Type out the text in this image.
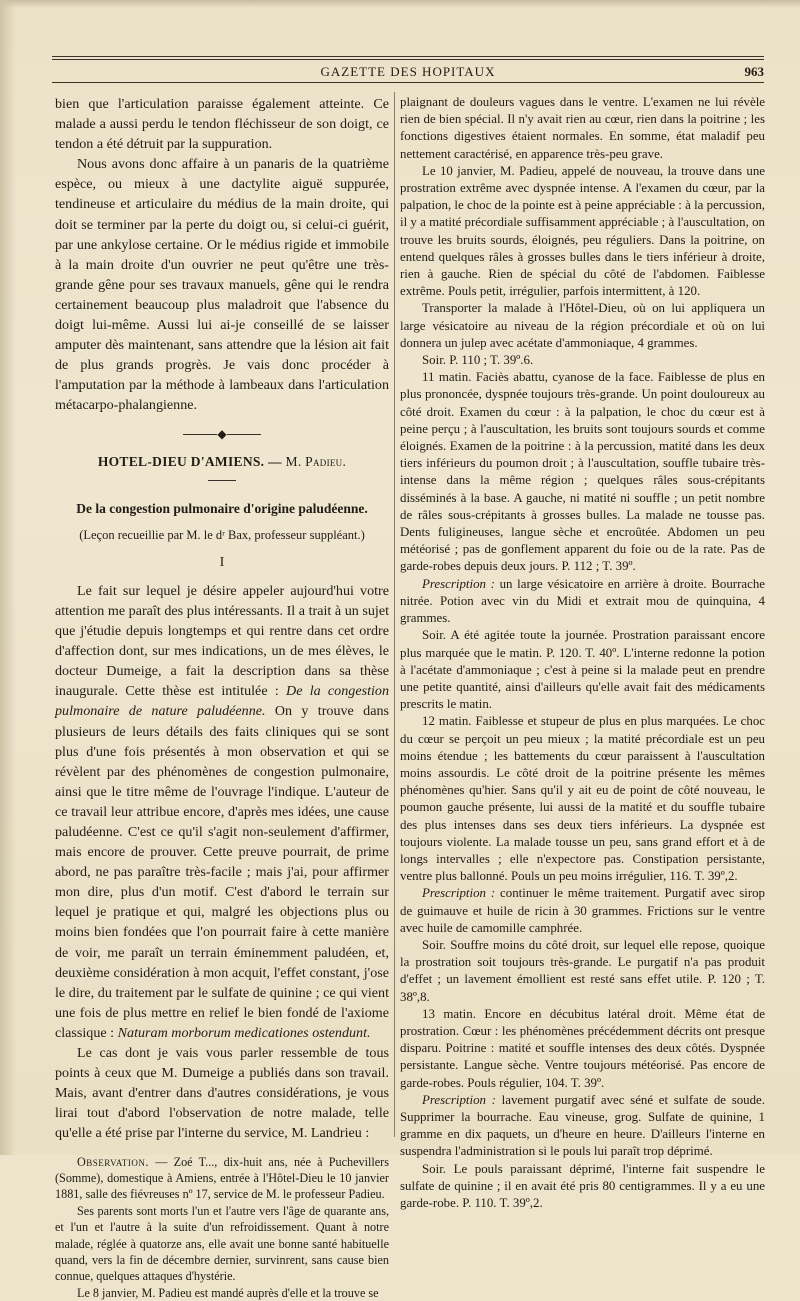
GAZETTE DES HOPITAUX	963

bien que l'articulation paraisse également atteinte. Ce malade a aussi perdu le tendon fléchisseur de son doigt, ce tendon a été détruit par la suppuration.

Nous avons donc affaire à un panaris de la quatrième espèce, ou mieux à une dactylite aiguë suppurée, tendineuse et articulaire du médius de la main droite, qui doit se terminer par la perte du doigt ou, si celui-ci guérit, par une ankylose certaine. Or le médius rigide et immobile à la main droite d'un ouvrier ne peut qu'être une très-grande gêne pour ses travaux manuels, gêne qui le rendra certainement beaucoup plus maladroit que l'absence du doigt lui-même. Aussi lui ai-je conseillé de se laisser amputer dès maintenant, sans attendre que la lésion ait fait de plus grands progrès. Je vais donc procéder à l'amputation par la méthode à lambeaux dans l'articulation métacarpo-phalangienne.

◆
HOTEL-DIEU D'AMIENS. — M. Padieu.
De la congestion pulmonaire d'origine paludéenne.
(Leçon recueillie par M. le dʳ Bax, professeur suppléant.)
I

Le fait sur lequel je désire appeler aujourd'hui votre attention me paraît des plus intéressants. Il a trait à un sujet que j'étudie depuis longtemps et qui rentre dans cet ordre d'affection dont, sur mes indications, un de mes élèves, le docteur Dumeige, a fait la description dans sa thèse inaugurale. Cette thèse est intitulée : De la congestion pulmonaire de nature paludéenne. On y trouve dans plusieurs de leurs détails des faits cliniques qui se sont plus d'une fois présentés à mon observation et qui se révèlent par des phénomènes de congestion pulmonaire, ainsi que le titre même de l'ouvrage l'indique. L'auteur de ce travail leur attribue encore, d'après mes idées, une cause paludéenne. C'est ce qu'il s'agit non-seulement d'affirmer, mais encore de prouver. Cette preuve pourrait, de prime abord, ne pas paraître très-facile ; mais j'ai, pour affirmer mon dire, plus d'un motif. C'est d'abord le terrain sur lequel je pratique et qui, malgré les objections plus ou moins bien fondées que l'on pourrait faire à cette manière de voir, me paraît un terrain éminemment paludéen, et, deuxième considération à mon acquit, l'effet constant, j'ose le dire, du traitement par le sulfate de quinine ; ce qui vient une fois de plus mettre en relief le bien fondé de l'axiome classique : Naturam morborum medicationes ostendunt.

Le cas dont je vais vous parler ressemble de tous points à ceux que M. Dumeige a publiés dans son travail. Mais, avant d'entrer dans d'autres considérations, je vous lirai tout d'abord l'observation de notre malade, telle qu'elle a été prise par l'interne du service, M. Landrieu :

Observation. — Zoé T..., dix-huit ans, née à Puchevillers (Somme), domestique à Amiens, entrée à l'Hôtel-Dieu le 10 janvier 1881, salle des fiévreuses nº 17, service de M. le professeur Padieu.

Ses parents sont morts l'un et l'autre vers l'âge de quarante ans, et l'un et l'autre à la suite d'un refroidissement. Quant à notre malade, réglée à quatorze ans, elle avait une bonne santé habituelle quand, vers la fin de décembre dernier, survinrent, sans cause bien connue, quelques attaques d'hystérie.

Le 8 janvier, M. Padieu est mandé auprès d'elle et la trouve se

plaignant de douleurs vagues dans le ventre. L'examen ne lui révèle rien de bien spécial. Il n'y avait rien au cœur, rien dans la poitrine ; les fonctions digestives étaient normales. En somme, état maladif peu nettement caractérisé, en apparence très-peu grave.

Le 10 janvier, M. Padieu, appelé de nouveau, la trouve dans une prostration extrême avec dyspnée intense. A l'examen du cœur, par la palpation, le choc de la pointe est à peine appréciable : à la percussion, il y a matité précordiale suffisamment appréciable ; à l'auscultation, on trouve les bruits sourds, éloignés, peu réguliers. Dans la poitrine, on entend quelques râles à grosses bulles dans le tiers inférieur à droite, rien à gauche. Rien de spécial du côté de l'abdomen. Faiblesse extrême. Pouls petit, irrégulier, parfois intermittent, à 120.

Transporter la malade à l'Hôtel-Dieu, où on lui appliquera un large vésicatoire au niveau de la région précordiale et où on lui donnera un julep avec acétate d'ammoniaque, 4 grammes.

Soir. P. 110 ; T. 39º.6.

11 matin. Faciès abattu, cyanose de la face. Faiblesse de plus en plus prononcée, dyspnée toujours très-grande. Un point douloureux au côté droit. Examen du cœur : à la palpation, le choc du cœur est à peine perçu ; à l'auscultation, les bruits sont toujours sourds et comme éloignés. Examen de la poitrine : à la percussion, matité dans les deux tiers inférieurs du poumon droit ; à l'auscultation, souffle tubaire très-intense dans la même région ; quelques râles sous-crépitants disséminés à la base. A gauche, ni matité ni souffle ; un petit nombre de râles sous-crépitants à grosses bulles. La malade ne tousse pas. Dents fuligineuses, langue sèche et encroûtée. Abdomen un peu météorisé ; pas de gonflement apparent du foie ou de la rate. Pas de garde-robes depuis deux jours. P. 112 ; T. 39º.

Prescription : un large vésicatoire en arrière à droite. Bourrache nitrée. Potion avec vin du Midi et extrait mou de quinquina, 4 grammes.

Soir. A été agitée toute la journée. Prostration paraissant encore plus marquée que le matin. P. 120. T. 40º. L'interne redonne la potion à l'acétate d'ammoniaque ; c'est à peine si la malade peut en prendre une petite quantité, ainsi d'ailleurs qu'elle avait fait des médicaments prescrits le matin.

12 matin. Faiblesse et stupeur de plus en plus marquées. Le choc du cœur se perçoit un peu mieux ; la matité précordiale est un peu moins étendue ; les battements du cœur paraissent à l'auscultation moins assourdis. Le côté droit de la poitrine présente les mêmes phénomènes qu'hier. Sans qu'il y ait eu de point de côté nouveau, le poumon gauche présente, lui aussi de la matité et du souffle tubaire des plus intenses dans ses deux tiers inférieurs. La dyspnée est toujours violente. La malade tousse un peu, sans grand effort et à de longs intervalles ; elle n'expectore pas. Constipation persistante, ventre plus ballonné. Pouls un peu moins irrégulier, 116. T. 39º,2.

Prescription : continuer le même traitement. Purgatif avec sirop de guimauve et huile de ricin à 30 grammes. Frictions sur le ventre avec huile de camomille camphrée.

Soir. Souffre moins du côté droit, sur lequel elle repose, quoique la prostration soit toujours très-grande. Le purgatif n'a pas produit d'effet ; un lavement émollient est resté sans effet utile. P. 120 ; T. 38º,8.

13 matin. Encore en décubitus latéral droit. Même état de prostration. Cœur : les phénomènes précédemment décrits ont presque disparu. Poitrine : matité et souffle intenses des deux côtés. Dyspnée persistante. Langue sèche. Ventre toujours météorisé. Pas encore de garde-robes. Pouls régulier, 104. T. 39º.

Prescription : lavement purgatif avec séné et sulfate de soude. Supprimer la bourrache. Eau vineuse, grog. Sulfate de quinine, 1 gramme en dix paquets, un d'heure en heure. D'ailleurs l'interne en suspendra l'administration si le pouls lui paraît trop déprimé.

Soir. Le pouls paraissant déprimé, l'interne fait suspendre le sulfate de quinine ; il en avait été pris 80 centigrammes. Il y a eu une garde-robe. P. 110. T. 39º,2.
